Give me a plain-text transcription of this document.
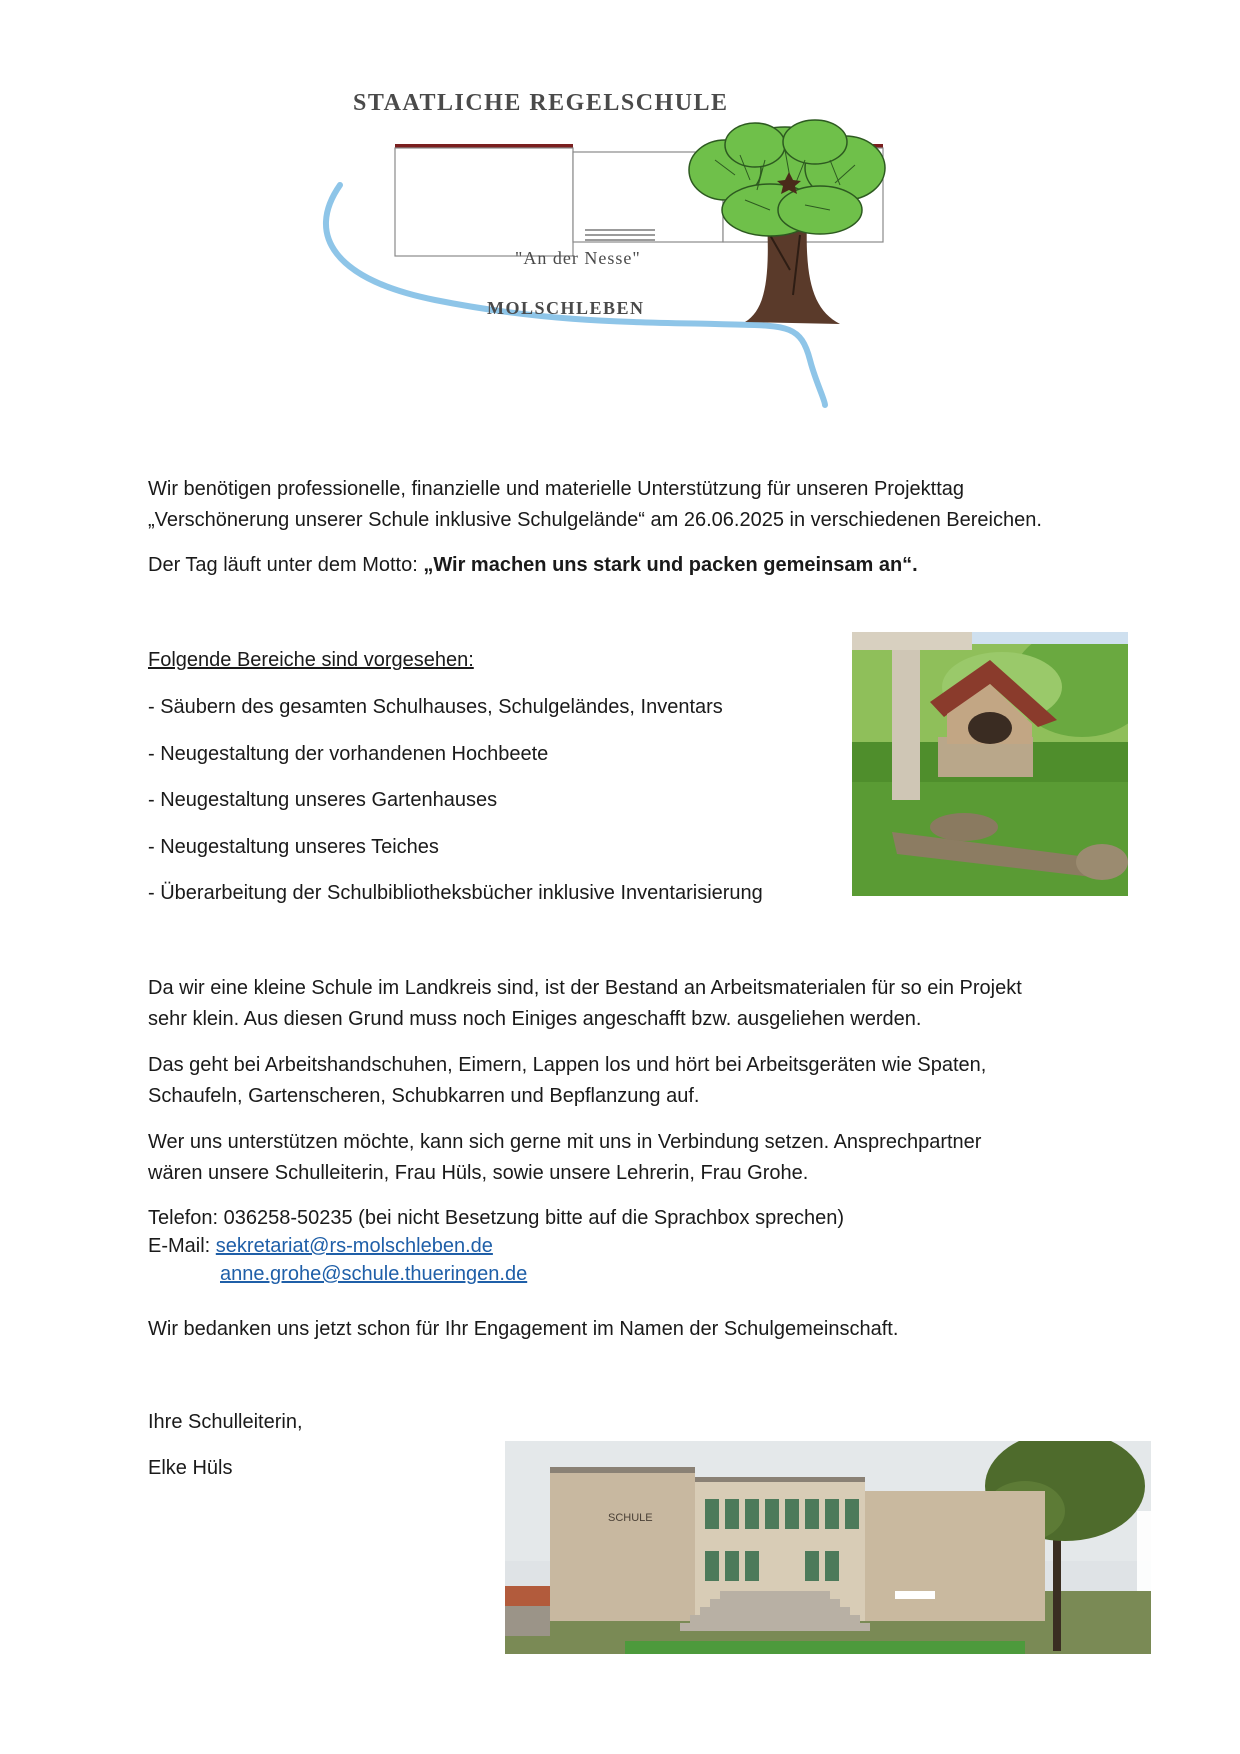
STAATLICHE REGELSCHULE
"An der Nesse"
MOLSCHLEBEN
Wir benötigen professionelle, finanzielle und materielle Unterstützung für unseren Projekttag
„Verschönerung unserer Schule inklusive Schulgelände“ am 26.06.2025 in verschiedenen Bereichen.
Der Tag läuft unter dem Motto: „Wir machen uns stark und packen gemeinsam an“.
Folgende Bereiche sind vorgesehen:
- Säubern des gesamten Schulhauses, Schulgeländes, Inventars
- Neugestaltung der vorhandenen Hochbeete
- Neugestaltung unseres Gartenhauses
- Neugestaltung unseres Teiches
- Überarbeitung der Schulbibliotheksbücher inklusive Inventarisierung
Da wir eine kleine Schule im Landkreis sind, ist der Bestand an Arbeitsmaterialen für so ein Projekt
sehr klein. Aus diesen Grund muss noch Einiges angeschafft bzw. ausgeliehen werden.
Das geht bei Arbeitshandschuhen, Eimern, Lappen los und hört bei Arbeitsgeräten wie Spaten,
Schaufeln, Gartenscheren, Schubkarren und Bepflanzung auf.
Wer uns unterstützen möchte, kann sich gerne mit uns in Verbindung setzen. Ansprechpartner
wären unsere Schulleiterin, Frau Hüls, sowie unsere Lehrerin, Frau Grohe.
Telefon: 036258-50235 (bei nicht Besetzung bitte auf die Sprachbox sprechen)
E-Mail: sekretariat@rs-molschleben.de
anne.grohe@schule.thueringen.de
Wir bedanken uns jetzt schon für Ihr Engagement im Namen der Schulgemeinschaft.
Ihre Schulleiterin,
Elke Hüls
SCHULE
